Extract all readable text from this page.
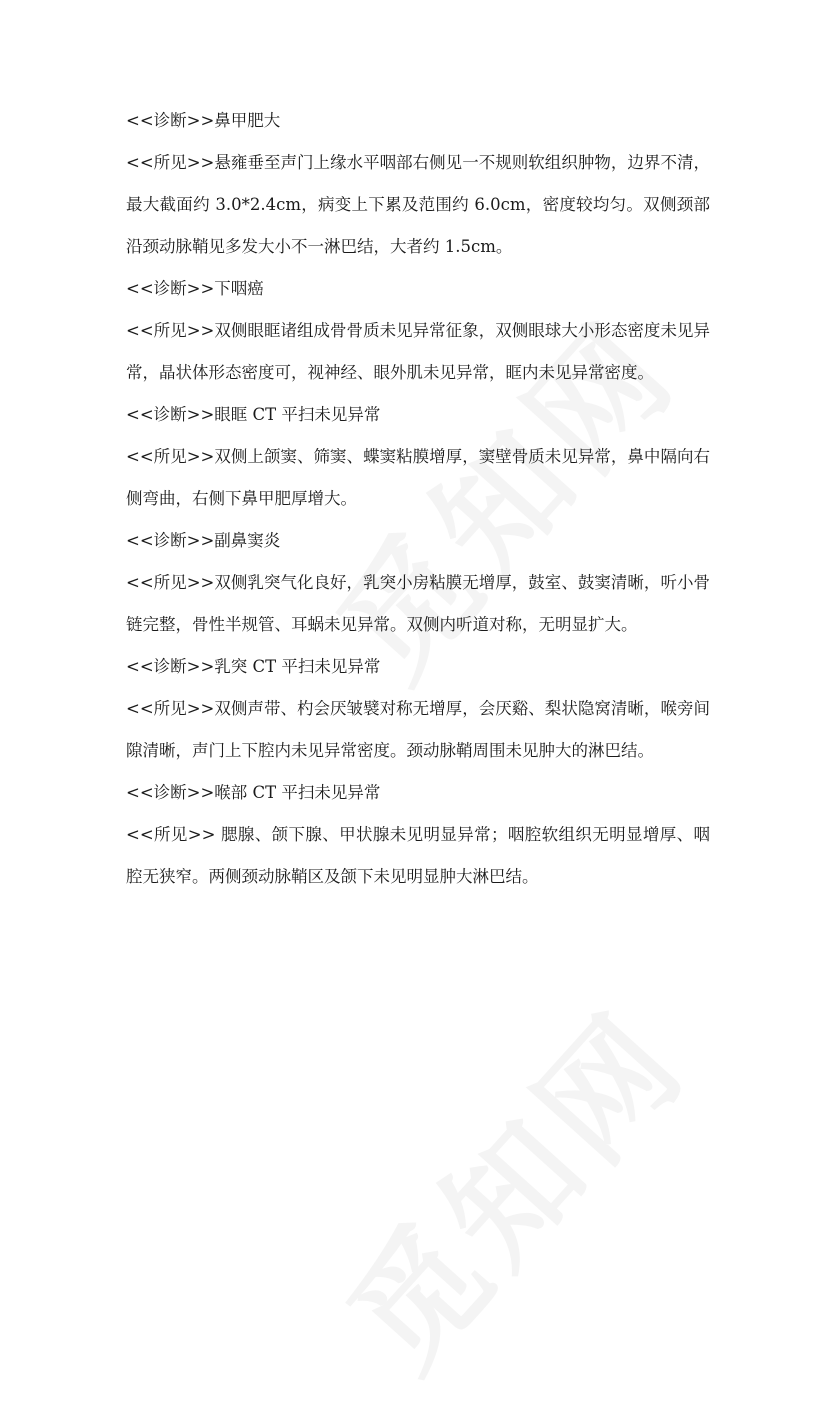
<<诊断>>鼻甲肥大

<<所见>>悬雍垂至声门上缘水平咽部右侧见一不规则软组织肿物，边界不清，最大截面约 3.0*2.4cm，病变上下累及范围约 6.0cm，密度较均匀。双侧颈部沿颈动脉鞘见多发大小不一淋巴结，大者约 1.5cm。

<<诊断>>下咽癌

<<所见>>双侧眼眶诸组成骨骨质未见异常征象，双侧眼球大小形态密度未见异常，晶状体形态密度可，视神经、眼外肌未见异常，眶内未见异常密度。

<<诊断>>眼眶 CT 平扫未见异常

<<所见>>双侧上颌窦、筛窦、蝶窦粘膜增厚，窦壁骨质未见异常，鼻中隔向右侧弯曲，右侧下鼻甲肥厚增大。

<<诊断>>副鼻窦炎

<<所见>>双侧乳突气化良好，乳突小房粘膜无增厚，鼓室、鼓窦清晰，听小骨链完整，骨性半规管、耳蜗未见异常。双侧内听道对称，无明显扩大。

<<诊断>>乳突 CT 平扫未见异常

<<所见>>双侧声带、杓会厌皱襞对称无增厚，会厌谿、梨状隐窝清晰，喉旁间隙清晰，声门上下腔内未见异常密度。颈动脉鞘周围未见肿大的淋巴结。

<<诊断>>喉部 CT 平扫未见异常

<<所见>> 腮腺、颌下腺、甲状腺未见明显异常；咽腔软组织无明显增厚、咽腔无狭窄。两侧颈动脉鞘区及颌下未见明显肿大淋巴结。
